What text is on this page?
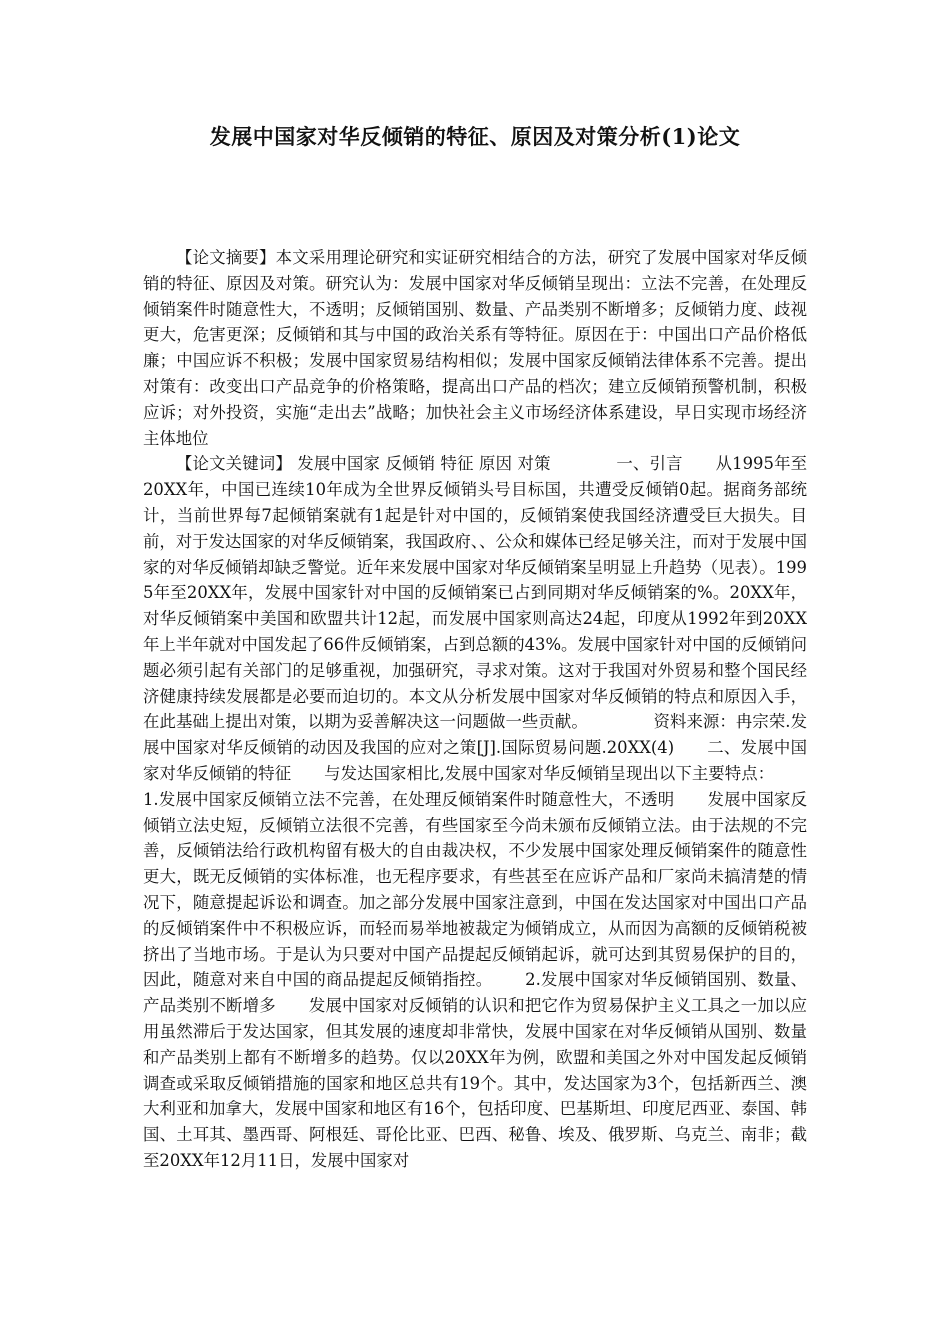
发展中国家对华反倾销的特征、原因及对策分析(1)论文

【论文摘要】本文采用理论研究和实证研究相结合的方法，研究了发展中国家对华反倾销的特征、原因及对策。研究认为：发展中国家对华反倾销呈现出：立法不完善，在处理反倾销案件时随意性大，不透明；反倾销国别、数量、产品类别不断增多；反倾销力度、歧视更大，危害更深；反倾销和其与中国的政治关系有等特征。原因在于：中国出口产品价格低廉；中国应诉不积极；发展中国家贸易结构相似；发展中国家反倾销法律体系不完善。提出对策有：改变出口产品竞争的价格策略，提高出口产品的档次；建立反倾销预警机制，积极应诉；对外投资，实施“走出去”战略；加快社会主义市场经济体系建设，早日实现市场经济主体地位
【论文关键词】 发展中国家 反倾销 特征 原因 对策	一、引言 从1995年至20XX年，中国已连续10年成为全世界反倾销头号目标国，共遭受反倾销0起。据商务部统计，当前世界每7起倾销案就有1起是针对中国的，反倾销案使我国经济遭受巨大损失。目前，对于发达国家的对华反倾销案，我国政府、、公众和媒体已经足够关注，而对于发展中国家的对华反倾销却缺乏警觉。近年来发展中国家对华反倾销案呈明显上升趋势（见表）。1995年至20XX年，发展中国家针对中国的反倾销案已占到同期对华反倾销案的%。20XX年，对华反倾销案中美国和欧盟共计12起，而发展中国家则高达24起，印度从1992年到20XX 年上半年就对中国发起了66件反倾销案，占到总额的43%。发展中国家针对中国的反倾销问题必须引起有关部门的足够重视，加强研究，寻求对策。这对于我国对外贸易和整个国民经济健康持续发展都是必要而迫切的。本文从分析发展中国家对华反倾销的特点和原因入手，在此基础上提出对策，以期为妥善解决这一问题做一些贡献。	资料来源：冉宗荣.发展中国家对华反倾销的动因及我国的应对之策[J].国际贸易问题.20XX(4) 二、发展中国家对华反倾销的特征 与发达国家相比,发展中国家对华反倾销呈现出以下主要特点：1.发展中国家反倾销立法不完善，在处理反倾销案件时随意性大，不透明 发展中国家反倾销立法史短，反倾销立法很不完善，有些国家至今尚未颁布反倾销立法。由于法规的不完善，反倾销法给行政机构留有极大的自由裁决权，不少发展中国家处理反倾销案件的随意性更大，既无反倾销的实体标准，也无程序要求，有些甚至在应诉产品和厂家尚未搞清楚的情况下，随意提起诉讼和调查。加之部分发展中国家注意到，中国在发达国家对中国出口产品的反倾销案件中不积极应诉，而轻而易举地被裁定为倾销成立，从而因为高额的反倾销税被挤出了当地市场。于是认为只要对中国产品提起反倾销起诉，就可达到其贸易保护的目的，因此，随意对来自中国的商品提起反倾销指控。 2.发展中国家对华反倾销国别、数量、产品类别不断增多 发展中国家对反倾销的认识和把它作为贸易保护主义工具之一加以应用虽然滞后于发达国家，但其发展的速度却非常快，发展中国家在对华反倾销从国别、数量和产品类别上都有不断增多的趋势。仅以20XX年为例，欧盟和美国之外对中国发起反倾销调查或采取反倾销措施的国家和地区总共有19个。其中，发达国家为3个，包括新西兰、澳大利亚和加拿大，发展中国家和地区有16个，包括印度、巴基斯坦、印度尼西亚、泰国、韩国、土耳其、墨西哥、阿根廷、哥伦比亚、巴西、秘鲁、埃及、俄罗斯、乌克兰、南非；截至20XX年12月11日，发展中国家对
